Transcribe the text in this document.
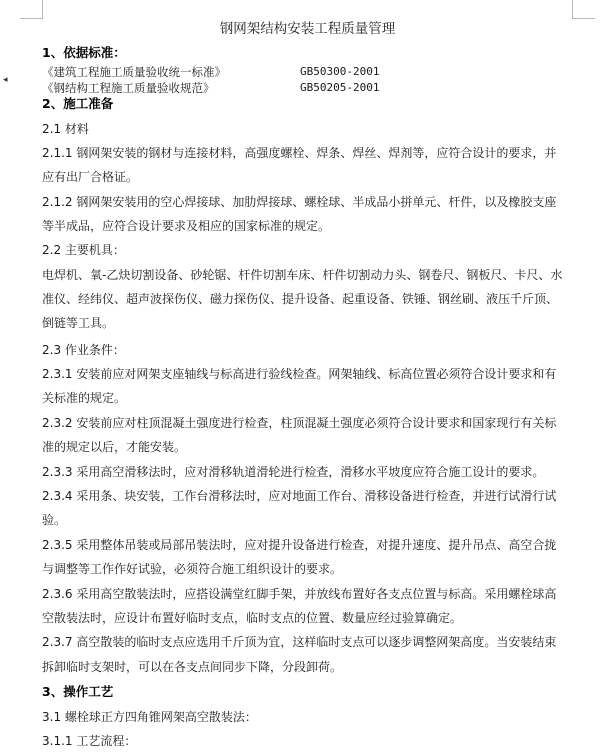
◂
钢网架结构安装工程质量管理
1、依据标准：
《建筑工程施工质量验收统一标准》	GB50300-2001
《钢结构工程施工质量验收规范》	GB50205-2001
2、施工准备
2.1 材料
2.1.1 钢网架安装的钢材与连接材料，高强度螺栓、焊条、焊丝、焊剂等，应符合设计的要求，并
应有出厂合格证。
2.1.2 钢网架安装用的空心焊接球、加肋焊接球、螺栓球、半成品小拼单元、杆件，以及橡胶支座
等半成品，应符合设计要求及相应的国家标准的规定。
2.2 主要机具：
电焊机、氧-乙炔切割设备、砂轮锯、杆件切割车床、杆件切割动力头、钢卷尺、钢板尺、卡尺、水
准仪、经纬仪、超声波探伤仪、磁力探伤仪、提升设备、起重设备、铁锤、钢丝刷、液压千斤顶、
倒链等工具。
2.3 作业条件：
2.3.1 安装前应对网架支座轴线与标高进行验线检查。网架轴线、标高位置必须符合设计要求和有
关标准的规定。
2.3.2 安装前应对柱顶混凝土强度进行检查，柱顶混凝土强度必须符合设计要求和国家现行有关标
准的规定以后，才能安装。
2.3.3 采用高空滑移法时，应对滑移轨道滑轮进行检查，滑移水平坡度应符合施工设计的要求。
2.3.4 采用条、块安装，工作台滑移法时，应对地面工作台、滑移设备进行检查，并进行试滑行试
验。
2.3.5 采用整体吊装或局部吊装法时，应对提升设备进行检查，对提升速度、提升吊点、高空合拢
与调整等工作作好试验，必须符合施工组织设计的要求。
2.3.6 采用高空散装法时，应搭设满堂红脚手架，并放线布置好各支点位置与标高。采用螺栓球高
空散装法时，应设计布置好临时支点，临时支点的位置、数量应经过验算确定。
2.3.7 高空散装的临时支点应选用千斤顶为宜，这样临时支点可以逐步调整网架高度。当安装结束
拆卸临时支架时，可以在各支点间同步下降，分段卸荷。
3、操作工艺
3.1 螺栓球正方四角锥网架高空散装法：
3.1.1 工艺流程：
